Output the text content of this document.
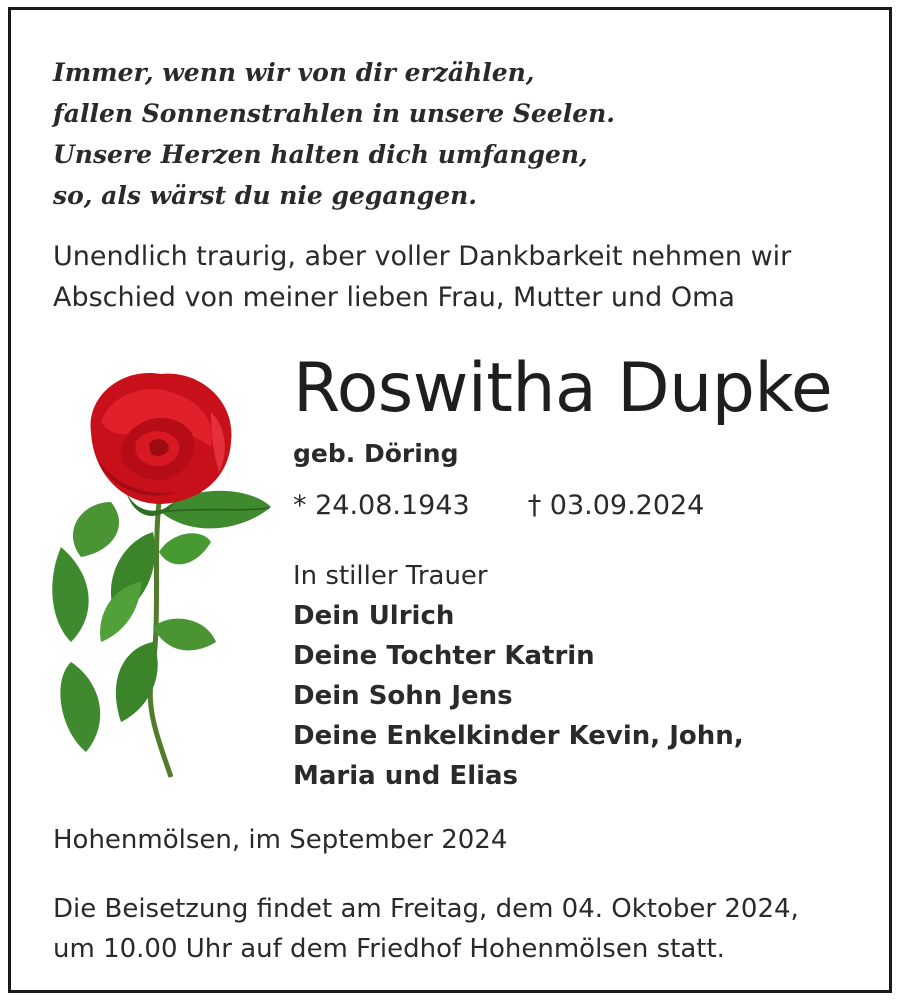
Immer, wenn wir von dir erzählen,
fallen Sonnenstrahlen in unsere Seelen.
Unsere Herzen halten dich umfangen,
so, als wärst du nie gegangen.
Unendlich traurig, aber voller Dankbarkeit nehmen wir
Abschied von meiner lieben Frau, Mutter und Oma
Roswitha Dupke
geb. Döring
* 24.08.1943 † 03.09.2024
In stiller Trauer
Dein Ulrich
Deine Tochter Katrin
Dein Sohn Jens
Deine Enkelkinder Kevin, John,
Maria und Elias
Hohenmölsen, im September 2024
Die Beisetzung findet am Freitag, dem 04. Oktober 2024,
um 10.00 Uhr auf dem Friedhof Hohenmölsen statt.
